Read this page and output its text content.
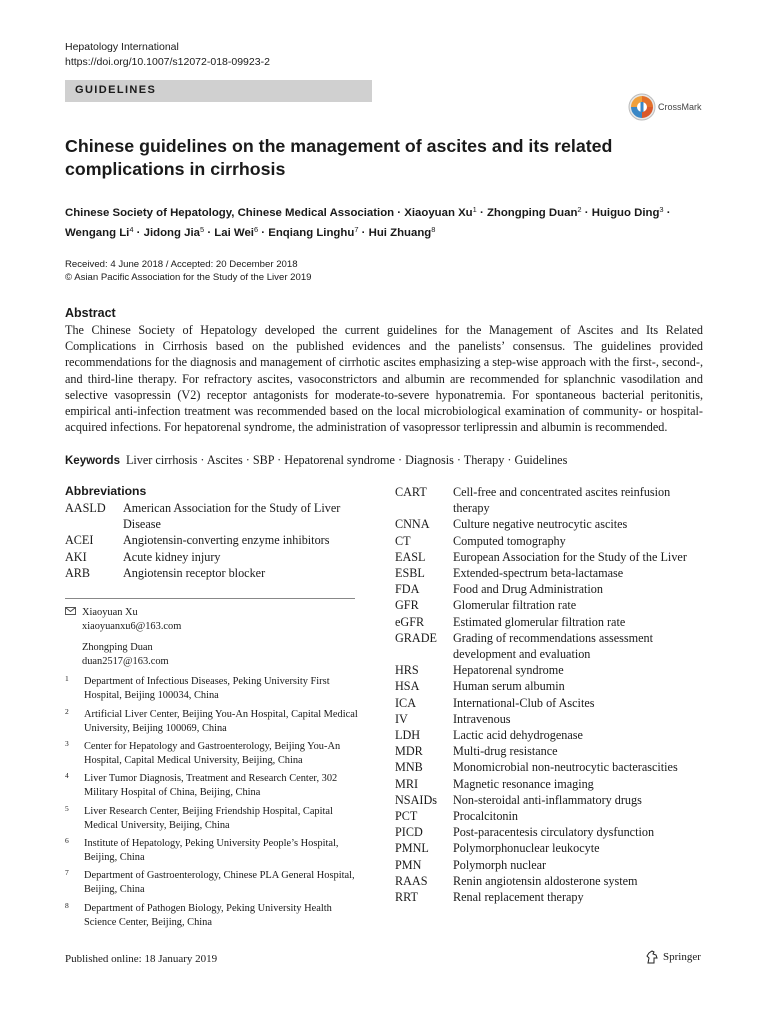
Hepatology International
https://doi.org/10.1007/s12072-018-09923-2
GUIDELINES
CrossMark
Chinese guidelines on the management of ascites and its related complications in cirrhosis
Chinese Society of Hepatology, Chinese Medical Association · Xiaoyuan $Xu^1$ · Zhongping Duan$^2$ · Huiguo Ding$^3$ · Wengang $Li^4$ · Jidong Jia$^5$ · Lai Wei$^6$ · Enqiang Linghu$^7$ · Hui Zhuang$^8$
Received: 4 June 2018 / Accepted: 20 December 2018
© Asian Pacific Association for the Study of the Liver 2019
Abstract
The Chinese Society of Hepatology developed the current guidelines for the Management of Ascites and Its Related Complications in Cirrhosis based on the published evidences and the panelists’ consensus. The guidelines provided recommendations for the diagnosis and management of cirrhotic ascites emphasizing a step-wise approach with the first-, second-, and third-line therapy. For refractory ascites, vasoconstrictors and albumin are recommended for splanchnic vasodilation and selective vasopressin (V2) receptor antagonists for moderate-to-severe hyponatremia. For spontaneous bacterial peritonitis, empirical anti-infection treatment was recommended based on the local microbiological examination of community- or hospital-acquired infections. For hepatorenal syndrome, the administration of vasopressor terlipressin and albumin is recommended.
Keywords Liver cirrhosis · Ascites · SBP · Hepatorenal syndrome · Diagnosis · Therapy · Guidelines
Abbreviations
AASLD	American Association for the Study of Liver Disease
ACEI	Angiotensin-converting enzyme inhibitors
AKI	Acute kidney injury
ARB	Angiotensin receptor blocker
CART	Cell-free and concentrated ascites reinfusion therapy
CNNA	Culture negative neutrocytic ascites
CT	Computed tomography
EASL	European Association for the Study of the Liver
ESBL	Extended-spectrum beta-lactamase
FDA	Food and Drug Administration
GFR	Glomerular filtration rate
eGFR	Estimated glomerular filtration rate
GRADE	Grading of recommendations assessment development and evaluation
HRS	Hepatorenal syndrome
HSA	Human serum albumin
ICA	International-Club of Ascites
IV	Intravenous
LDH	Lactic acid dehydrogenase
MDR	Multi-drug resistance
MNB	Monomicrobial non-neutrocytic bacterascities
MRI	Magnetic resonance imaging
NSAIDs	Non-steroidal anti-inflammatory drugs
PCT	Procalcitonin
PICD	Post-paracentesis circulatory dysfunction
PMNL	Polymorphonuclear leukocyte
PMN	Polymorph nuclear
RAAS	Renin angiotensin aldosterone system
RRT	Renal replacement therapy
Xiaoyuan Xu
xiaoyuanxu6@163.com
Zhongping Duan
duan2517@163.com
1	Department of Infectious Diseases, Peking University First Hospital, Beijing 100034, China
2	Artificial Liver Center, Beijing You-An Hospital, Capital Medical University, Beijing 100069, China
3	Center for Hepatology and Gastroenterology, Beijing You-An Hospital, Capital Medical University, Beijing, China
4	Liver Tumor Diagnosis, Treatment and Research Center, 302 Military Hospital of China, Beijing, China
5	Liver Research Center, Beijing Friendship Hospital, Capital Medical University, Beijing, China
6	Institute of Hepatology, Peking University People’s Hospital, Beijing, China
7	Department of Gastroenterology, Chinese PLA General Hospital, Beijing, China
8	Department of Pathogen Biology, Peking University Health Science Center, Beijing, China
Published online: 18 January 2019	Springer
